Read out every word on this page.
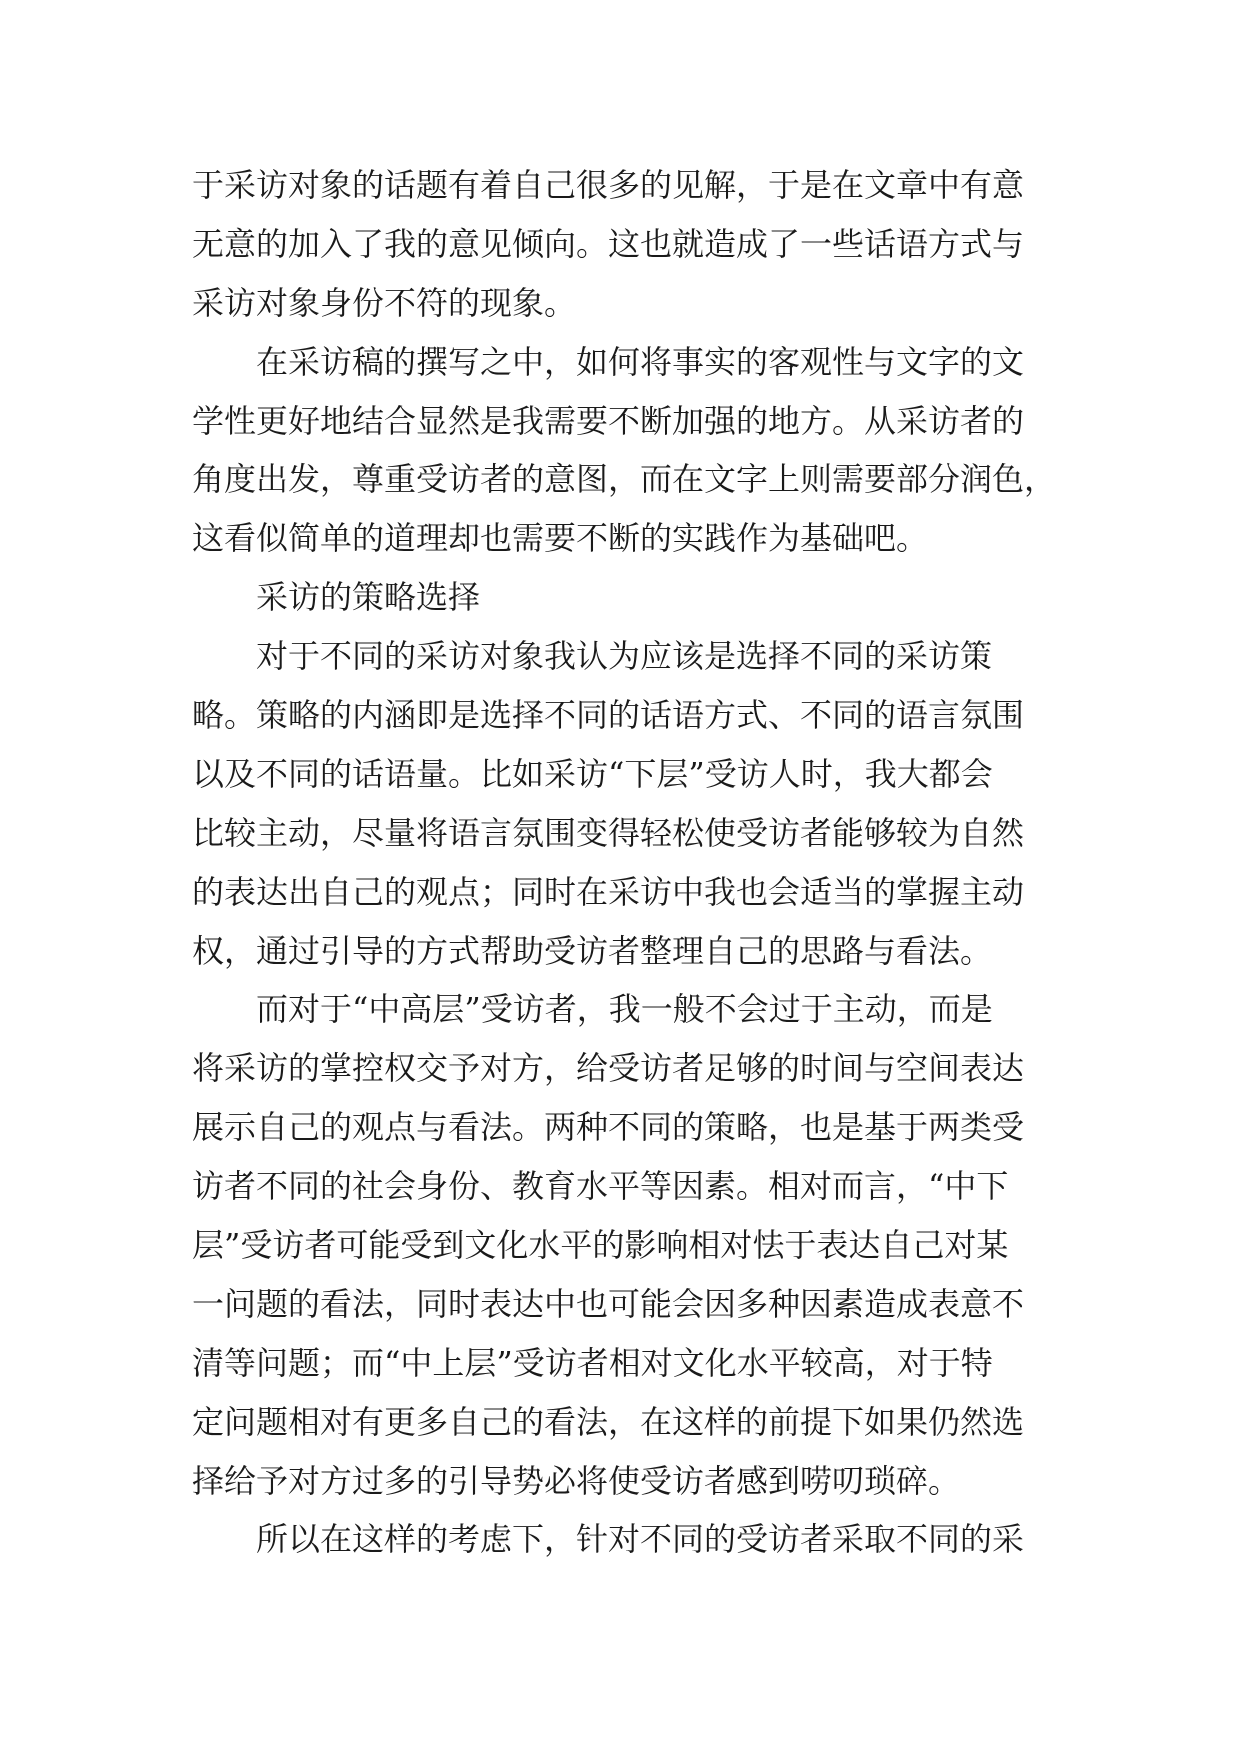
于采访对象的话题有着自己很多的见解，于是在文章中有意
无意的加入了我的意见倾向。这也就造成了一些话语方式与
采访对象身份不符的现象。
在采访稿的撰写之中，如何将事实的客观性与文字的文
学性更好地结合显然是我需要不断加强的地方。从采访者的
角度出发，尊重受访者的意图，而在文字上则需要部分润色，
这看似简单的道理却也需要不断的实践作为基础吧。
采访的策略选择
对于不同的采访对象我认为应该是选择不同的采访策
略。策略的内涵即是选择不同的话语方式、不同的语言氛围
以及不同的话语量。比如采访“下层”受访人时，我大都会
比较主动，尽量将语言氛围变得轻松使受访者能够较为自然
的表达出自己的观点；同时在采访中我也会适当的掌握主动
权，通过引导的方式帮助受访者整理自己的思路与看法。
而对于“中高层”受访者，我一般不会过于主动，而是
将采访的掌控权交予对方，给受访者足够的时间与空间表达
展示自己的观点与看法。两种不同的策略，也是基于两类受
访者不同的社会身份、教育水平等因素。相对而言，“中下
层”受访者可能受到文化水平的影响相对怯于表达自己对某
一问题的看法，同时表达中也可能会因多种因素造成表意不
清等问题；而“中上层”受访者相对文化水平较高，对于特
定问题相对有更多自己的看法，在这样的前提下如果仍然选
择给予对方过多的引导势必将使受访者感到唠叨琐碎。
所以在这样的考虑下，针对不同的受访者采取不同的采
